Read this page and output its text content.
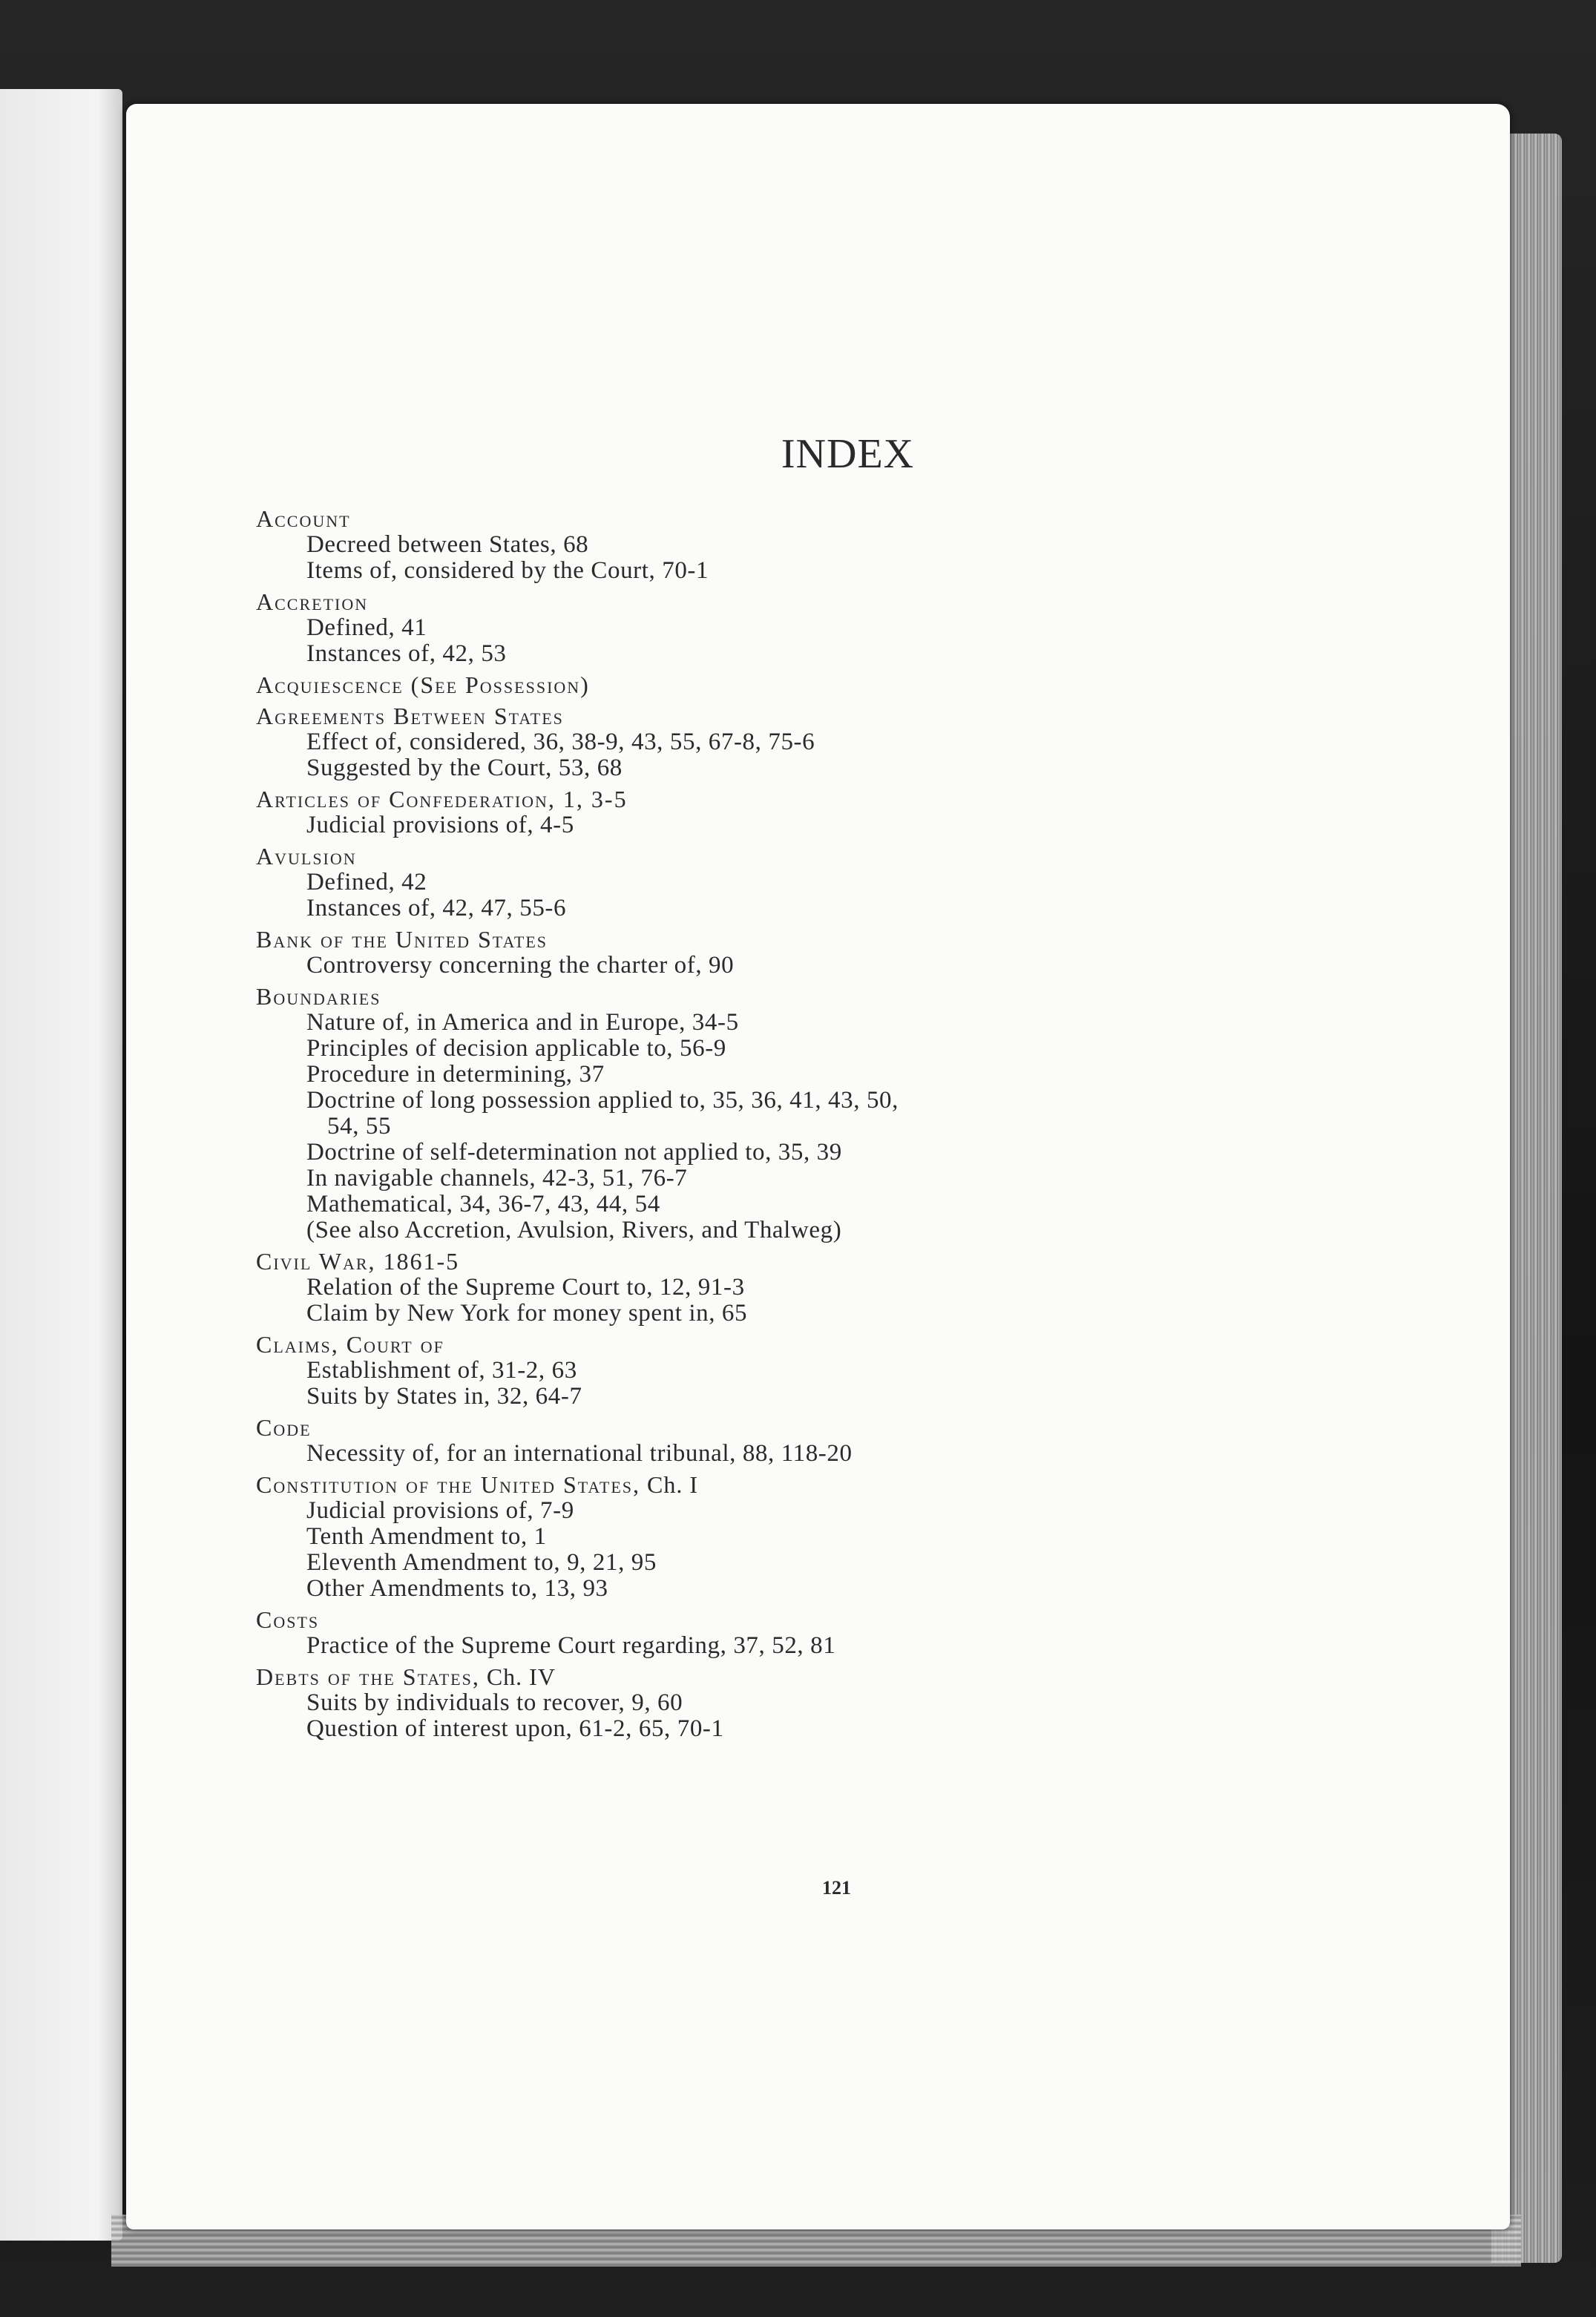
INDEX
Account
Decreed between States, 68
Items of, considered by the Court, 70-1
Accretion
Defined, 41
Instances of, 42, 53
Acquiescence (See Possession)
Agreements Between States
Effect of, considered, 36, 38-9, 43, 55, 67-8, 75-6
Suggested by the Court, 53, 68
Articles of Confederation, 1, 3-5
Judicial provisions of, 4-5
Avulsion
Defined, 42
Instances of, 42, 47, 55-6
Bank of the United States
Controversy concerning the charter of, 90
Boundaries
Nature of, in America and in Europe, 34-5
Principles of decision applicable to, 56-9
Procedure in determining, 37
Doctrine of long possession applied to, 35, 36, 41, 43, 50,
54, 55
Doctrine of self-determination not applied to, 35, 39
In navigable channels, 42-3, 51, 76-7
Mathematical, 34, 36-7, 43, 44, 54
(See also Accretion, Avulsion, Rivers, and Thalweg)
Civil War, 1861-5
Relation of the Supreme Court to, 12, 91-3
Claim by New York for money spent in, 65
Claims, Court of
Establishment of, 31-2, 63
Suits by States in, 32, 64-7
Code
Necessity of, for an international tribunal, 88, 118-20
Constitution of the United States, Ch. I
Judicial provisions of, 7-9
Tenth Amendment to, 1
Eleventh Amendment to, 9, 21, 95
Other Amendments to, 13, 93
Costs
Practice of the Supreme Court regarding, 37, 52, 81
Debts of the States, Ch. IV
Suits by individuals to recover, 9, 60
Question of interest upon, 61-2, 65, 70-1
121
